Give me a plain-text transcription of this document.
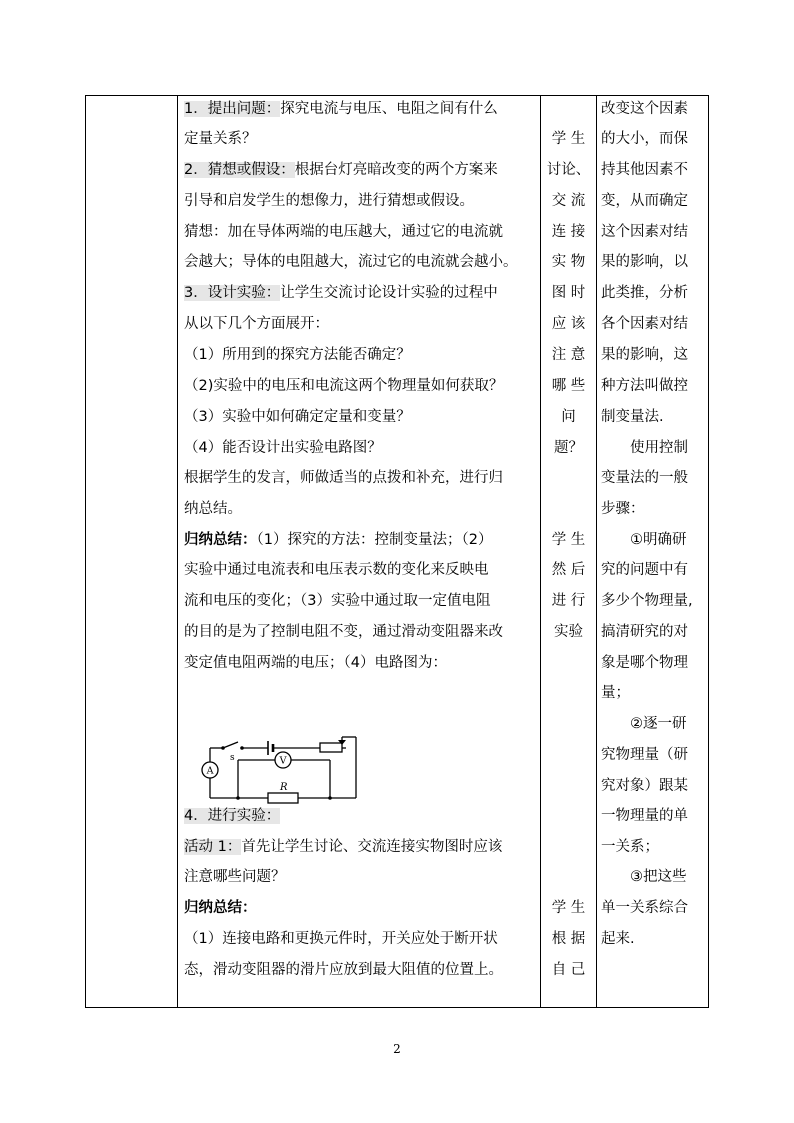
s
A
V
R
1．提出问题：探究电流与电压、电阻之间有什么
定量关系？
2．猜想或假设：根据台灯亮暗改变的两个方案来
引导和启发学生的想像力，进行猜想或假设。
猜想：加在导体两端的电压越大，通过它的电流就
会越大；导体的电阻越大，流过它的电流就会越小。
3．设计实验：让学生交流讨论设计实验的过程中
从以下几个方面展开：
（1）所用到的探究方法能否确定？
（2)实验中的电压和电流这两个物理量如何获取？
（3）实验中如何确定定量和变量？
（4）能否设计出实验电路图？
根据学生的发言，师做适当的点拨和补充，进行归
纳总结。
归纳总结：（1）探究的方法：控制变量法；（2）
实验中通过电流表和电压表示数的变化来反映电
流和电压的变化；（3）实验中通过取一定值电阻
的目的是为了控制电阻不变，通过滑动变阻器来改
变定值电阻两端的电压；（4）电路图为：
4．进行实验：
活动 1：首先让学生讨论、交流连接实物图时应该
注意哪些问题？
归纳总结：
（1）连接电路和更换元件时，开关应处于断开状
态，滑动变阻器的滑片应放到最大阻值的位置上。
学 生
讨论、
交 流
连 接
实 物
图 时
应 该
注 意
哪 些
问
题？
学 生
然 后
进 行
实验
学 生
根 据
自 己
改变这个因素
的大小，而保
持其他因素不
变，从而确定
这个因素对结
果的影响，以
此类推，分析
各个因素对结
果的影响，这
种方法叫做控
制变量法.
　　使用控制
变量法的一般
步骤：
　　①明确研
究的问题中有
多少个物理量,
搞清研究的对
象是哪个物理
量；
　　②逐一研
究物理量（研
究对象）跟某
一物理量的单
一关系；
　　③把这些
单一关系综合
起来.
2
